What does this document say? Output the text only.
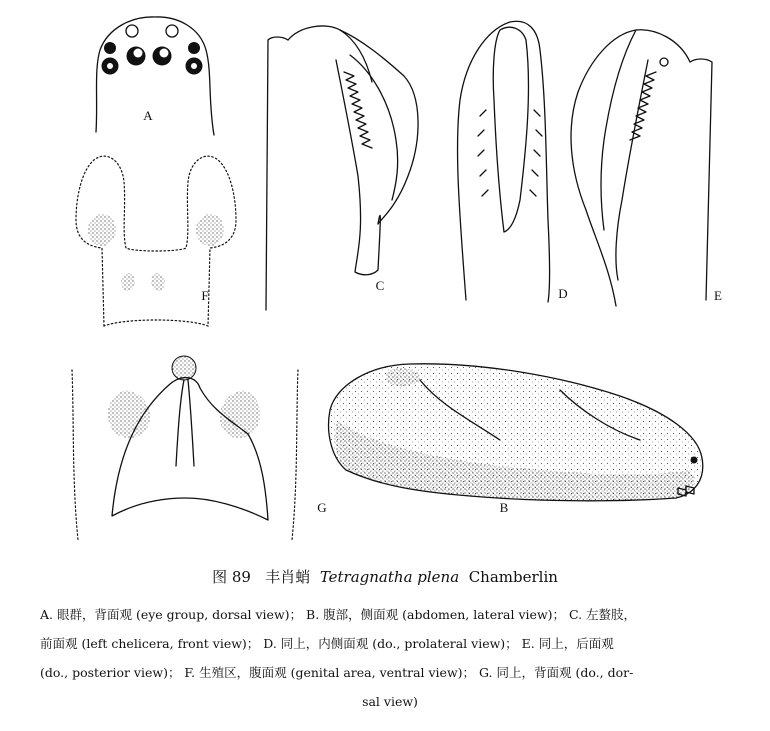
A
F
C
D	E
G	B
图 89 丰肖蛸 Tetragnatha plena Chamberlin
A. 眼群，背面观 (eye group, dorsal view)； B. 腹部，侧面观 (abdomen, lateral view)； C. 左螯肢，
前面观 (left chelicera, front view)； D. 同上，内侧面观 (do., prolateral view)； E. 同上，后面观
(do., posterior view)； F. 生殖区，腹面观 (genital area, ventral view)； G. 同上，背面观 (do., dor-
sal view)
